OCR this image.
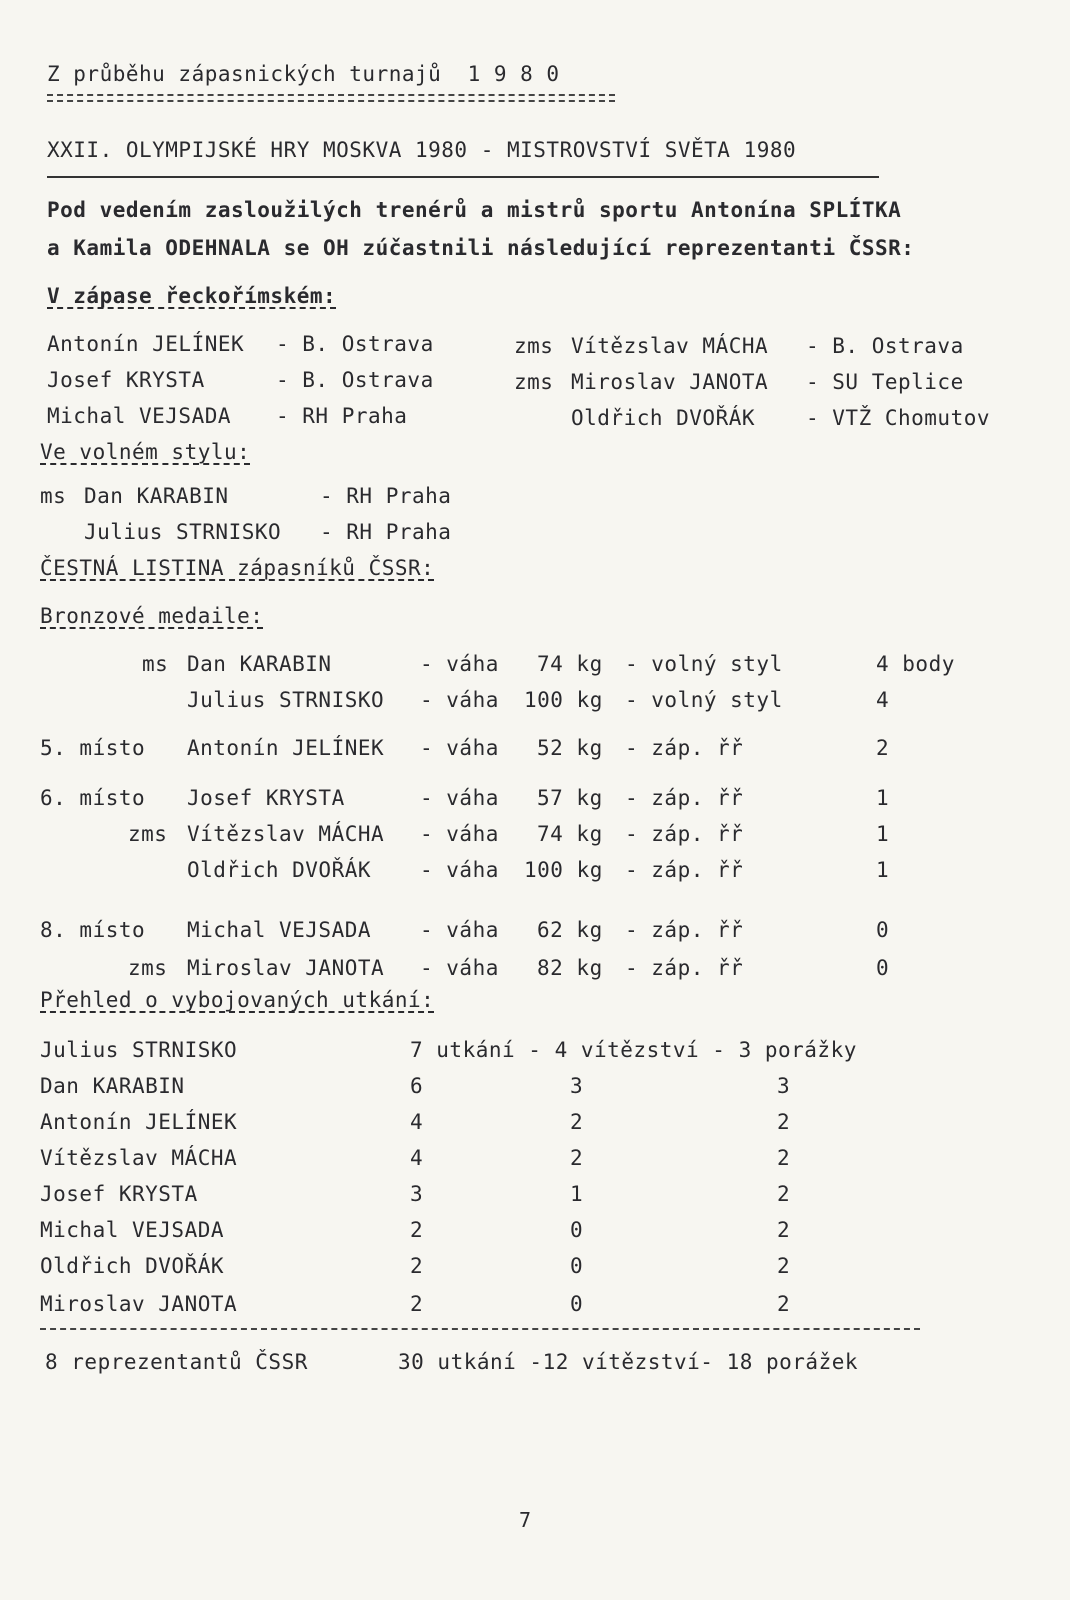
Z průběhu zápasnických turnajů  1 9 8 0
XXII. OLYMPIJSKÉ HRY MOSKVA 1980 - MISTROVSTVÍ SVĚTA 1980
Pod vedením zasloužilých trenérů a mistrů sportu Antonína SPLÍTKA
a Kamila ODEHNALA se OH zúčastnili následující reprezentanti ČSSR:
V zápase řeckořímském:
Antonín JELÍNEK - B. Ostrava
Josef KRYSTA	- B. Ostrava
Michal VEJSADA - RH Praha
zms Vítězslav MÁCHA - B. Ostrava
zms Miroslav JANOTA - SU Teplice
Oldřich DVOŘÁK - VTŽ Chomutov
Ve volném stylu:
ms Dan KARABIN	- RH Praha
Julius STRNISKO - RH Praha
ČESTNÁ LISTINA zápasníků ČSSR:
Bronzové medaile:
ms Dan KARABIN	- váha 74 kg - volný styl	4 body
Julius STRNISKO - váha 100 kg - volný styl	4
5. místo Antonín JELÍNEK - váha 52 kg - záp. řř	2
6. místo Josef KRYSTA	- váha 57 kg - záp. řř	1
zms Vítězslav MÁCHA - váha 74 kg - záp. řř	1
Oldřich DVOŘÁK - váha 100 kg - záp. řř	1
8. místo Michal VEJSADA - váha 62 kg - záp. řř	0
zms Miroslav JANOTA - váha 82 kg - záp. řř	0
Přehled o vybojovaných utkání:
Julius STRNISKO	7 utkání - 4 vítězství - 3 porážky
Dan KARABIN	6	3	3
Antonín JELÍNEK	4	2	2
Vítězslav MÁCHA	4	2	2
Josef KRYSTA	3	1	2
Michal VEJSADA	2	0	2
Oldřich DVOŘÁK	2	0	2
Miroslav JANOTA	2	0	2
8 reprezentantů ČSSR	30 utkání -12 vítězství- 18 porážek
7
